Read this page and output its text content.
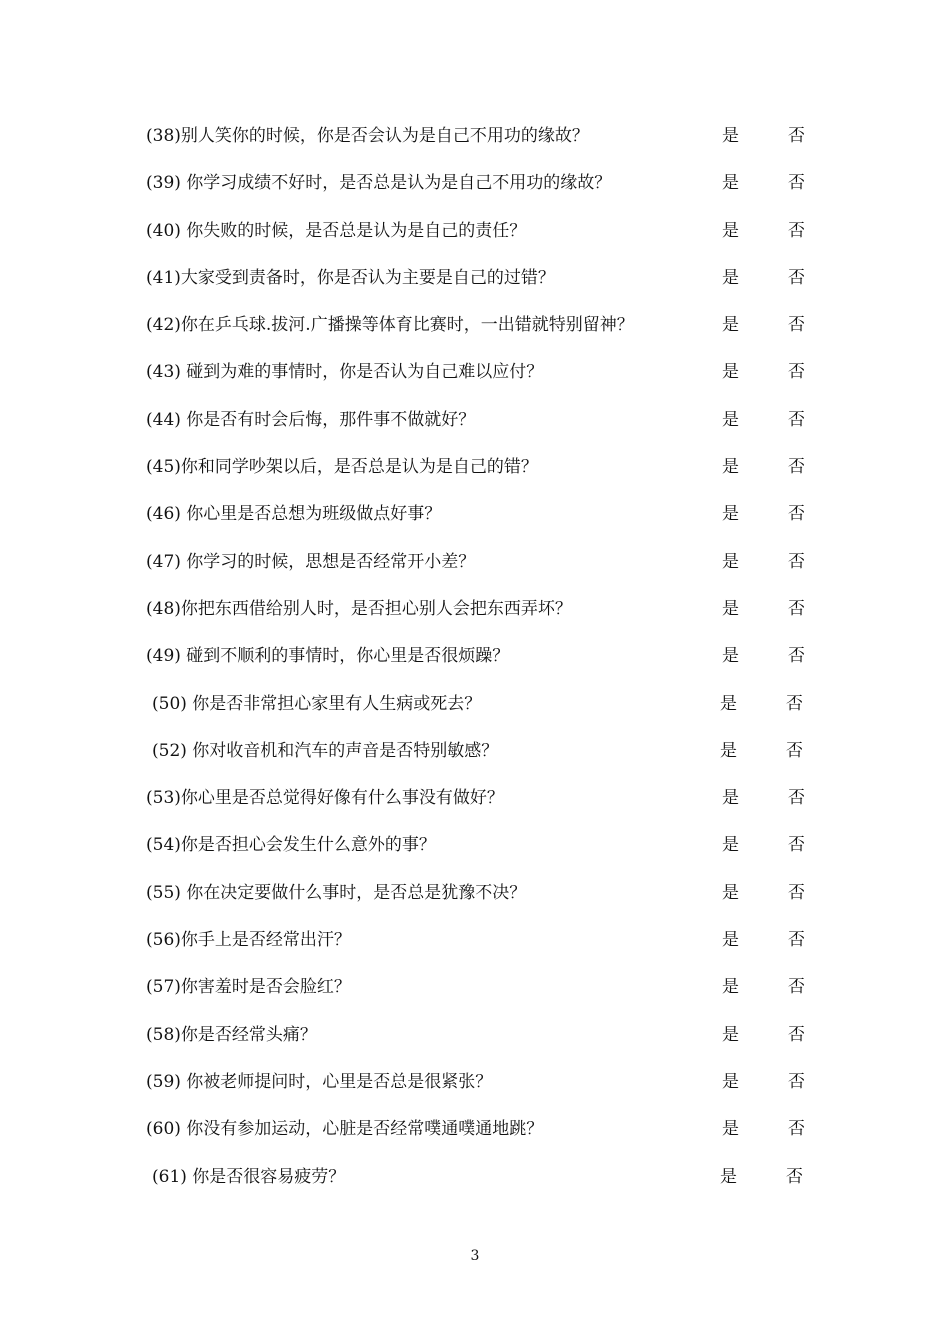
(38)别人笑你的时候，你是否会认为是自己不用功的缘故？	是	否
(39) 你学习成绩不好时，是否总是认为是自己不用功的缘故？	是	否
(40) 你失败的时候，是否总是认为是自己的责任？	是	否
(41)大家受到责备时，你是否认为主要是自己的过错？	是	否
(42)你在乒乓球.拔河.广播操等体育比赛时，一出错就特别留神？	是	否
(43) 碰到为难的事情时，你是否认为自己难以应付？	是	否
(44) 你是否有时会后悔，那件事不做就好？	是	否
(45)你和同学吵架以后，是否总是认为是自己的错？	是	否
(46) 你心里是否总想为班级做点好事？	是	否
(47) 你学习的时候，思想是否经常开小差？	是	否
(48)你把东西借给别人时，是否担心别人会把东西弄坏？	是	否
(49) 碰到不顺利的事情时，你心里是否很烦躁？	是	否
(50) 你是否非常担心家里有人生病或死去？	是	否
(52) 你对收音机和汽车的声音是否特别敏感？	是	否
(53)你心里是否总觉得好像有什么事没有做好？	是	否
(54)你是否担心会发生什么意外的事？	是	否
(55) 你在决定要做什么事时，是否总是犹豫不决？	是	否
(56)你手上是否经常出汗？	是	否
(57)你害羞时是否会脸红？	是	否
(58)你是否经常头痛？	是	否
(59) 你被老师提问时，心里是否总是很紧张？	是	否
(60) 你没有参加运动，心脏是否经常噗通噗通地跳？	是	否
(61) 你是否很容易疲劳？	是	否
3
